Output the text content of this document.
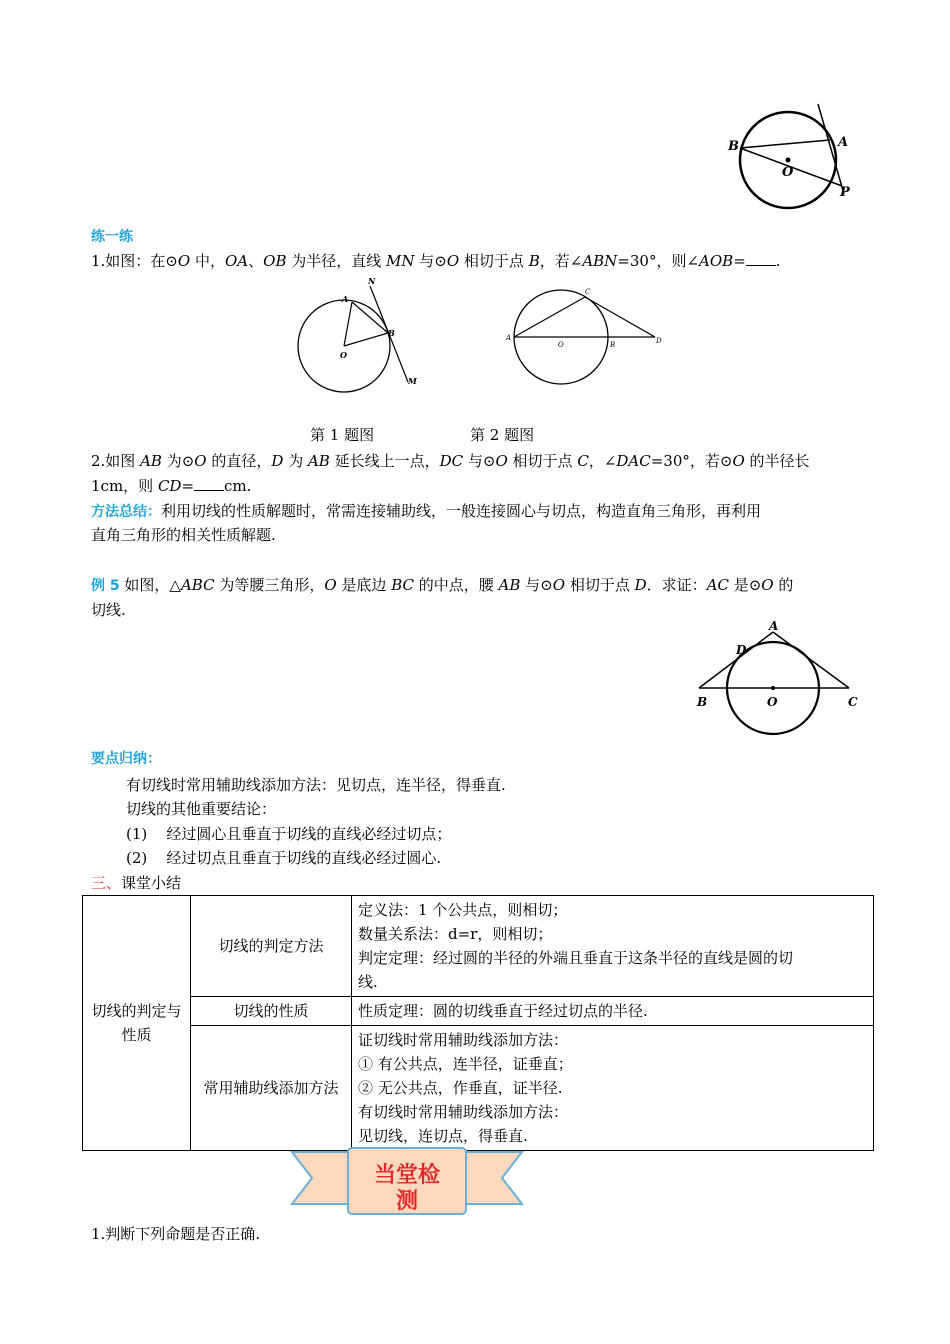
B	A
O
P
练一练
1.如图：在⊙O 中，OA、OB 为半径，直线 MN 与⊙O 相切于点 B，若∠ABN=30°，则∠AOB= .
A
N
B
O
M
C
A
O	B	D
第 1 题图	第 2 题图
2.如图 AB 为⊙O 的直径，D 为 AB 延长线上一点，DC 与⊙O 相切于点 C，∠DAC=30°，若⊙O 的半径长
1cm，则 CD= cm.
方法总结：利用切线的性质解题时，常需连接辅助线，一般连接圆心与切点，构造直角三角形，再利用
直角三角形的相关性质解题.
例 5 如图，△ABC 为等腰三角形，O 是底边 BC 的中点，腰 AB 与⊙O 相切于点 D．求证：AC 是⊙O 的
切线.
A
D
B	O	C
要点归纳：
有切线时常用辅助线添加方法：见切点，连半径，得垂直.
切线的其他重要结论：
(1) 经过圆心且垂直于切线的直线必经过切点；
(2) 经过切点且垂直于切线的直线必经过圆心.
三、课堂小结
切线的判定与性质	切线的判定方法	定义法：1 个公共点，则相切；
数量关系法：d=r，则相切；
判定定理：经过圆的半径的外端且垂直于这条半径的直线是圆的切
线.

	切线的性质	性质定理：圆的切线垂直于经过切点的半径.

	常用辅助线添加方法	证切线时常用辅助线添加方法：
① 有公共点，连半径，证垂直；
② 无公共点，作垂直，证半径.
有切线时常用辅助线添加方法：
见切线，连切点，得垂直.
当堂检
测
1.判断下列命题是否正确.
